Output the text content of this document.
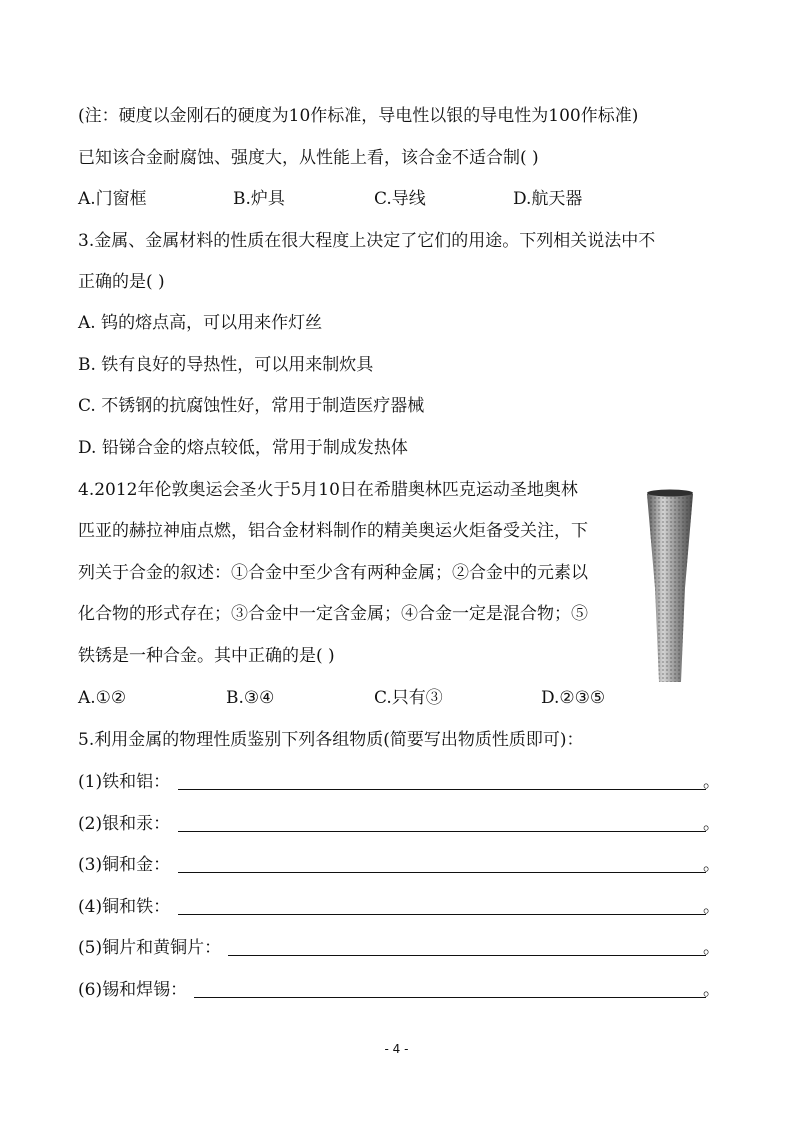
(注：硬度以金刚石的硬度为10作标准，导电性以银的导电性为100作标准)
已知该合金耐腐蚀、强度大，从性能上看，该合金不适合制( )
A.门窗框	B.炉具	C.导线	D.航天器
3.金属、金属材料的性质在很大程度上决定了它们的用途。下列相关说法中不
正确的是( )
A. 钨的熔点高，可以用来作灯丝
B. 铁有良好的导热性，可以用来制炊具
C. 不锈钢的抗腐蚀性好，常用于制造医疗器械
D. 铅锑合金的熔点较低，常用于制成发热体
4.2012年伦敦奥运会圣火于5月10日在希腊奥林匹克运动圣地奥林
匹亚的赫拉神庙点燃，铝合金材料制作的精美奥运火炬备受关注，下
列关于合金的叙述：①合金中至少含有两种金属；②合金中的元素以
化合物的形式存在；③合金中一定含金属；④合金一定是混合物；⑤
铁锈是一种合金。其中正确的是( )
A.①②	B.③④	C.只有③	D.②③⑤
5.利用金属的物理性质鉴别下列各组物质(简要写出物质性质即可)：
(1)铁和铝：	。
(2)银和汞：	。
(3)铜和金：	。
(4)铜和铁：	。
(5)铜片和黄铜片：	。
(6)锡和焊锡：	。
- 4 -
